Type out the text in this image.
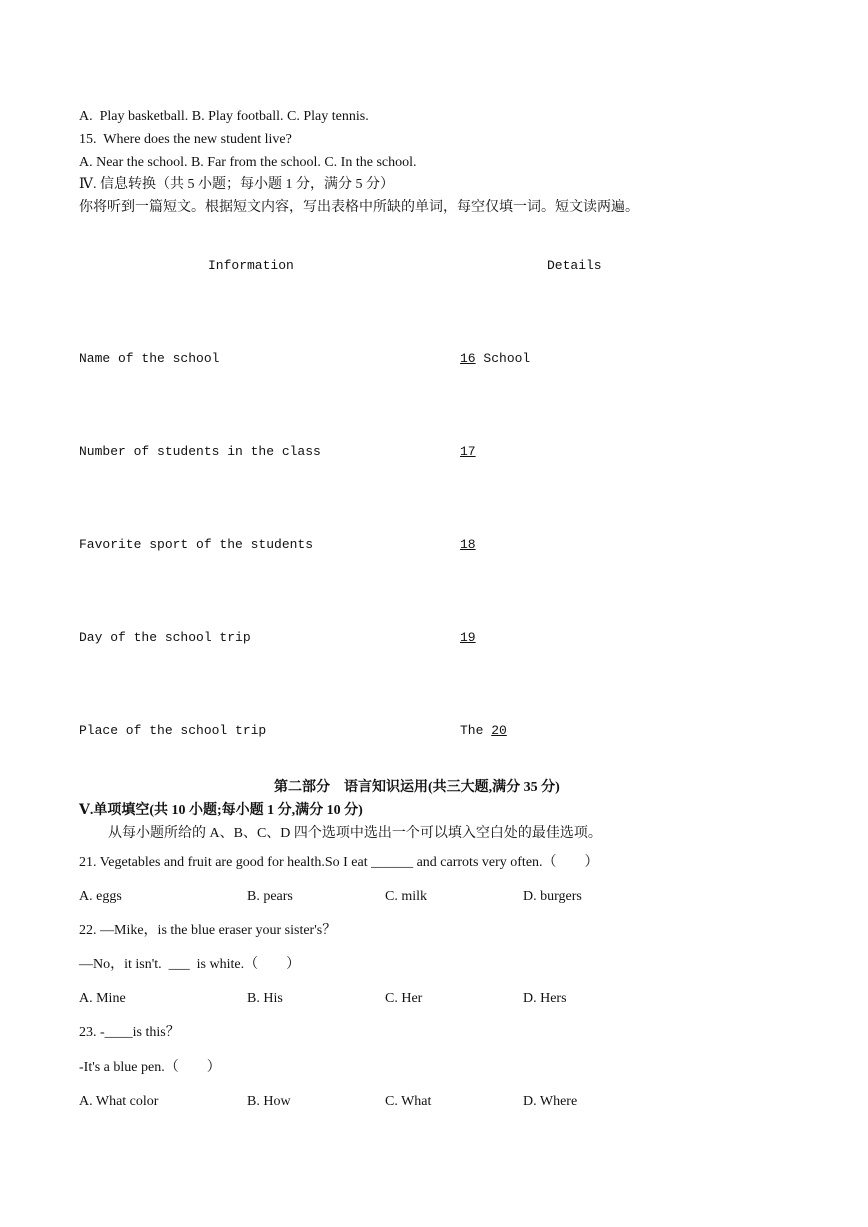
A.  Play basketball. B. Play football. C. Play tennis.
15.  Where does the new student live?
A. Near the school. B. Far from the school. C. In the school.
Ⅳ. 信息转换（共 5 小题；每小题 1 分，满分 5 分）
你将听到一篇短文。根据短文内容，写出表格中所缺的单词，每空仅填一词。短文读两遍。
Information	Details
Name of the school	16 School
Number of students in the class	17
Favorite sport of the students	18
Day of the school trip	19
Place of the school trip	The 20
第二部分    语言知识运用(共三大题,满分 35 分)
Ⅴ.单项填空(共 10 小题;每小题 1 分,满分 10 分)
从每小题所给的 A、B、C、D 四个选项中选出一个可以填入空白处的最佳选项。
21. Vegetables and fruit are good for health.So I eat ______ and carrots very often.（        ）
A. eggs	B. pears	C. milk	D. burgers
22. —Mike，is the blue eraser your sister's？
—No，it isn't.  ___  is white.（        ）
A. Mine	B. His	C. Her	D. Hers
23. -____is this？
-It's a blue pen.（        ）
A. What color	B. How	C. What	D. Where
